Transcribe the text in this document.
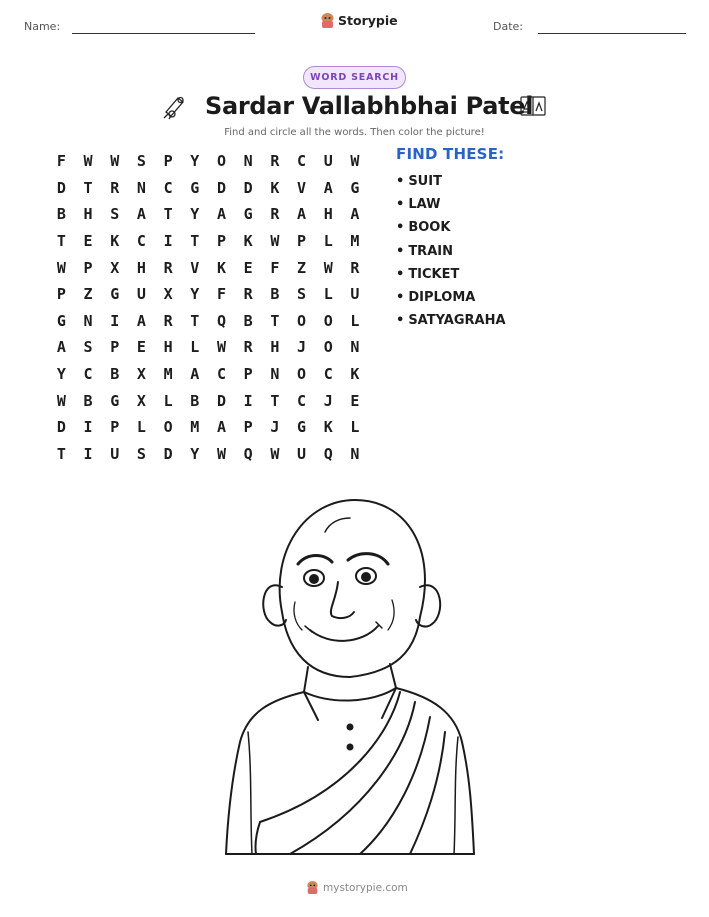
Name:	Storypie	Date:
WORD SEARCH
Sardar Vallabhbhai Patel
Find and circle all the words. Then color the picture!
F	W	W	S	P	Y	O	N	R	C	U	W
D	T	R	N	C	G	D	D	K	V	A	G
B	H	S	A	T	Y	A	G	R	A	H	A
T	E	K	C	I	T	P	K	W	P	L	M
W	P	X	H	R	V	K	E	F	Z	W	R
P	Z	G	U	X	Y	F	R	B	S	L	U
G	N	I	A	R	T	Q	B	T	O	O	L
A	S	P	E	H	L	W	R	H	J	O	N
Y	C	B	X	M	A	C	P	N	O	C	K
W	B	G	X	L	B	D	I	T	C	J	E
D	I	P	L	O	M	A	P	J	G	K	L
T	I	U	S	D	Y	W	Q	W	U	Q	N
FIND THESE:
• SUIT
• LAW
• BOOK
• TRAIN
• TICKET
• DIPLOMA
• SATYAGRAHA
mystorypie.com
